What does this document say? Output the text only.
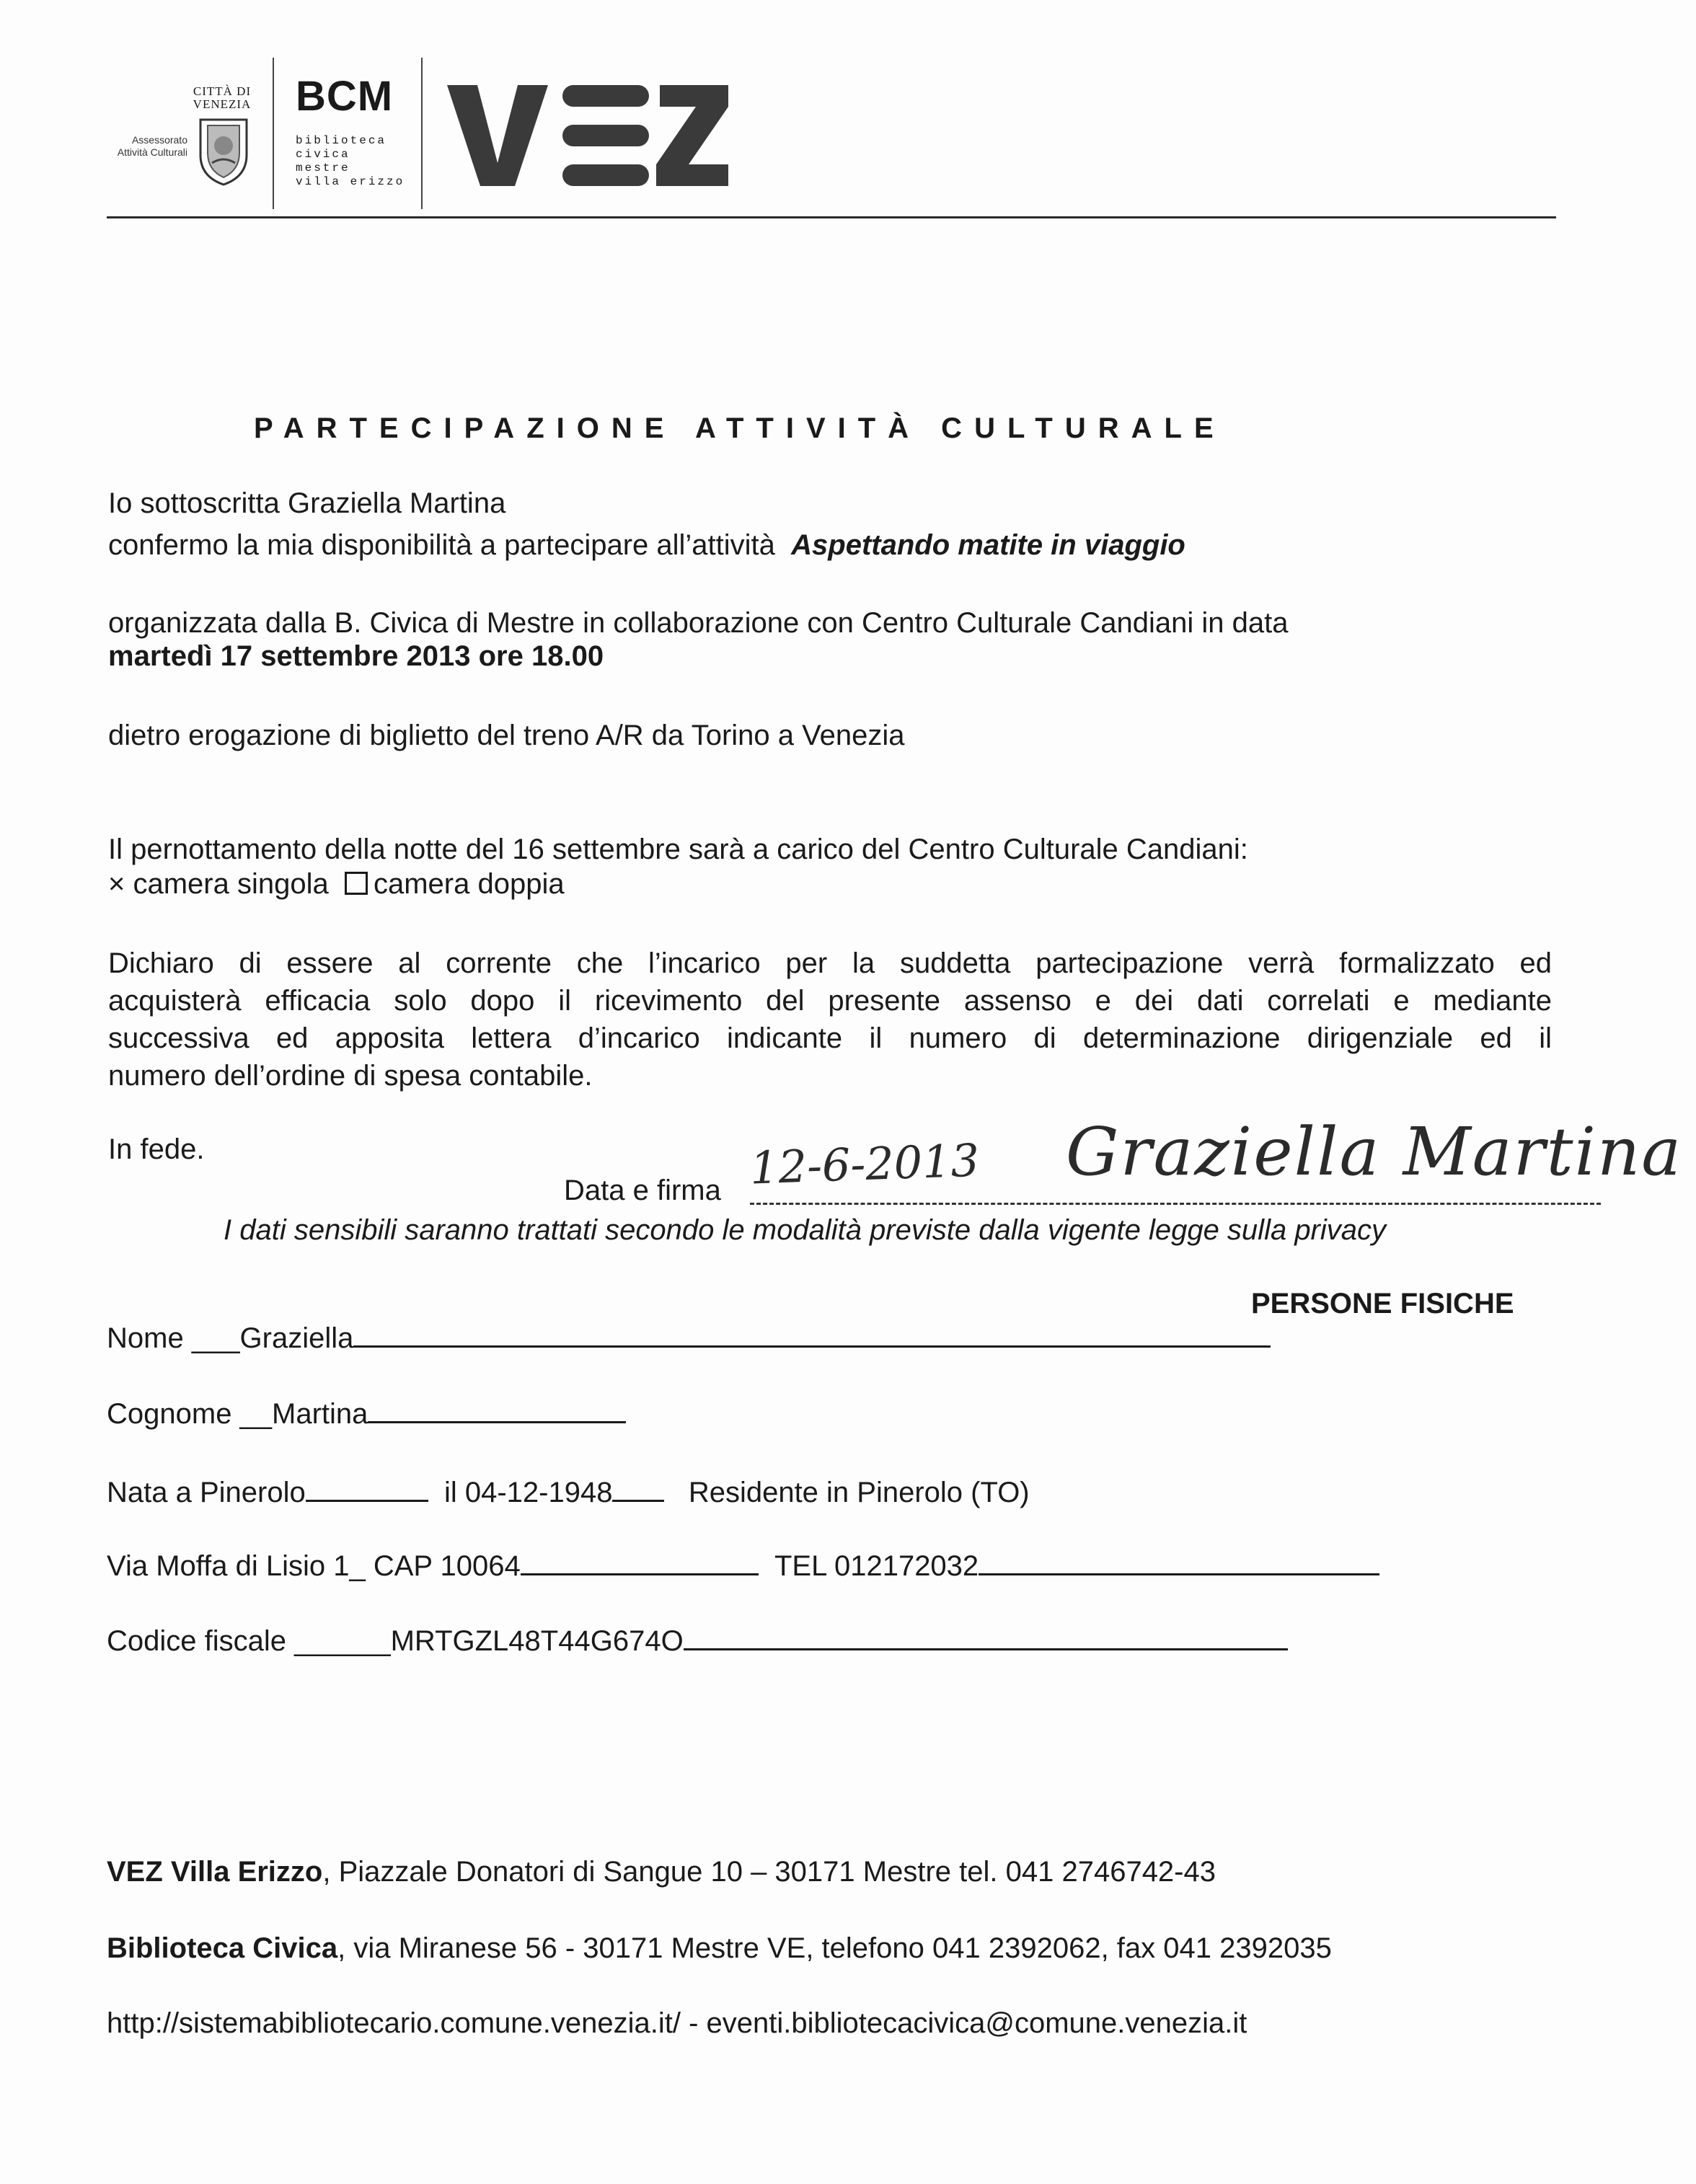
CITTÀ DI VENEZIA
Assessorato Attività Culturali
BCM
biblioteca
civica
mestre
villa erizzo
PARTECIPAZIONE ATTIVITÀ CULTURALE
Io sottoscritta Graziella Martina
confermo la mia disponibilità a partecipare all’attività Aspettando matite in viaggio
organizzata dalla B. Civica di Mestre in collaborazione con Centro Culturale Candiani in data
martedì 17 settembre 2013 ore 18.00
dietro erogazione di biglietto del treno A/R da Torino a Venezia
Il pernottamento della notte del 16 settembre sarà a carico del Centro Culturale Candiani:
× camera singola camera doppia
Dichiaro di essere al corrente che l’incarico per la suddetta partecipazione verrà formalizzato ed
acquisterà efficacia solo dopo il ricevimento del presente assenso e dei dati correlati e mediante
successiva ed apposita lettera d’incarico indicante il numero di determinazione dirigenziale ed il
numero dell’ordine di spesa contabile.
In fede.
Data e firma 12-6-2013 Graziella Martina
I dati sensibili saranno trattati secondo le modalità previste dalla vigente legge sulla privacy
PERSONE FISICHE
Nome ___Graziella
Cognome __Martina
Nata a Pinerolo	il 04-12-1948	Residente in Pinerolo (TO)
Via Moffa di Lisio 1_ CAP 10064	TEL 012172032
Codice fiscale ______MRTGZL48T44G674O
VEZ Villa Erizzo, Piazzale Donatori di Sangue 10 – 30171 Mestre tel. 041 2746742-43
Biblioteca Civica, via Miranese 56 - 30171 Mestre VE, telefono 041 2392062, fax 041 2392035
http://sistemabibliotecario.comune.venezia.it/ - eventi.bibliotecacivica@comune.venezia.it
